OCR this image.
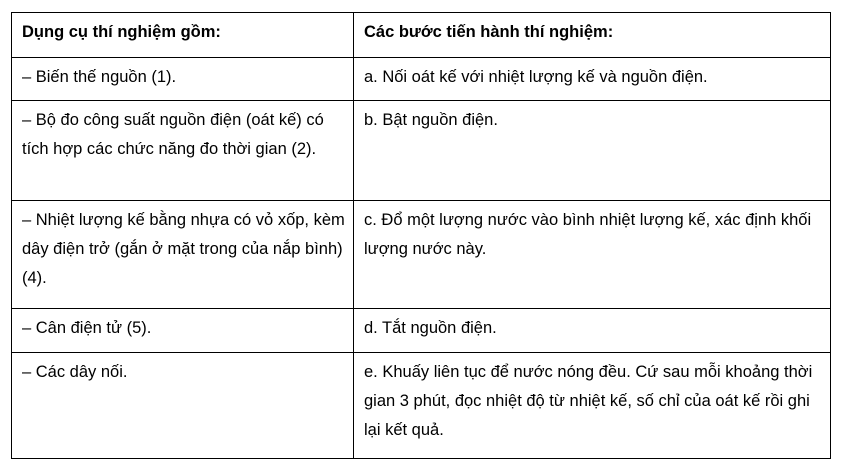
Dụng cụ thí nghiệm gồm:	Các bước tiến hành thí nghiệm:
– Biến thế nguồn (1).	a. Nối oát kế với nhiệt lượng kế và nguồn điện.
– Bộ đo công suất nguồn điện (oát kế) có tích hợp các chức năng đo thời gian (2).	b. Bật nguồn điện.
– Nhiệt lượng kế bằng nhựa có vỏ xốp, kèm dây điện trở (gắn ở mặt trong của nắp bình) (4).	c. Đổ một lượng nước vào bình nhiệt lượng kế, xác định khối lượng nước này.
– Cân điện tử (5).	d. Tắt nguồn điện.
– Các dây nối.	e. Khuấy liên tục để nước nóng đều. Cứ sau mỗi khoảng thời gian 3 phút, đọc nhiệt độ từ nhiệt kế, số chỉ của oát kế rồi ghi lại kết quả.
